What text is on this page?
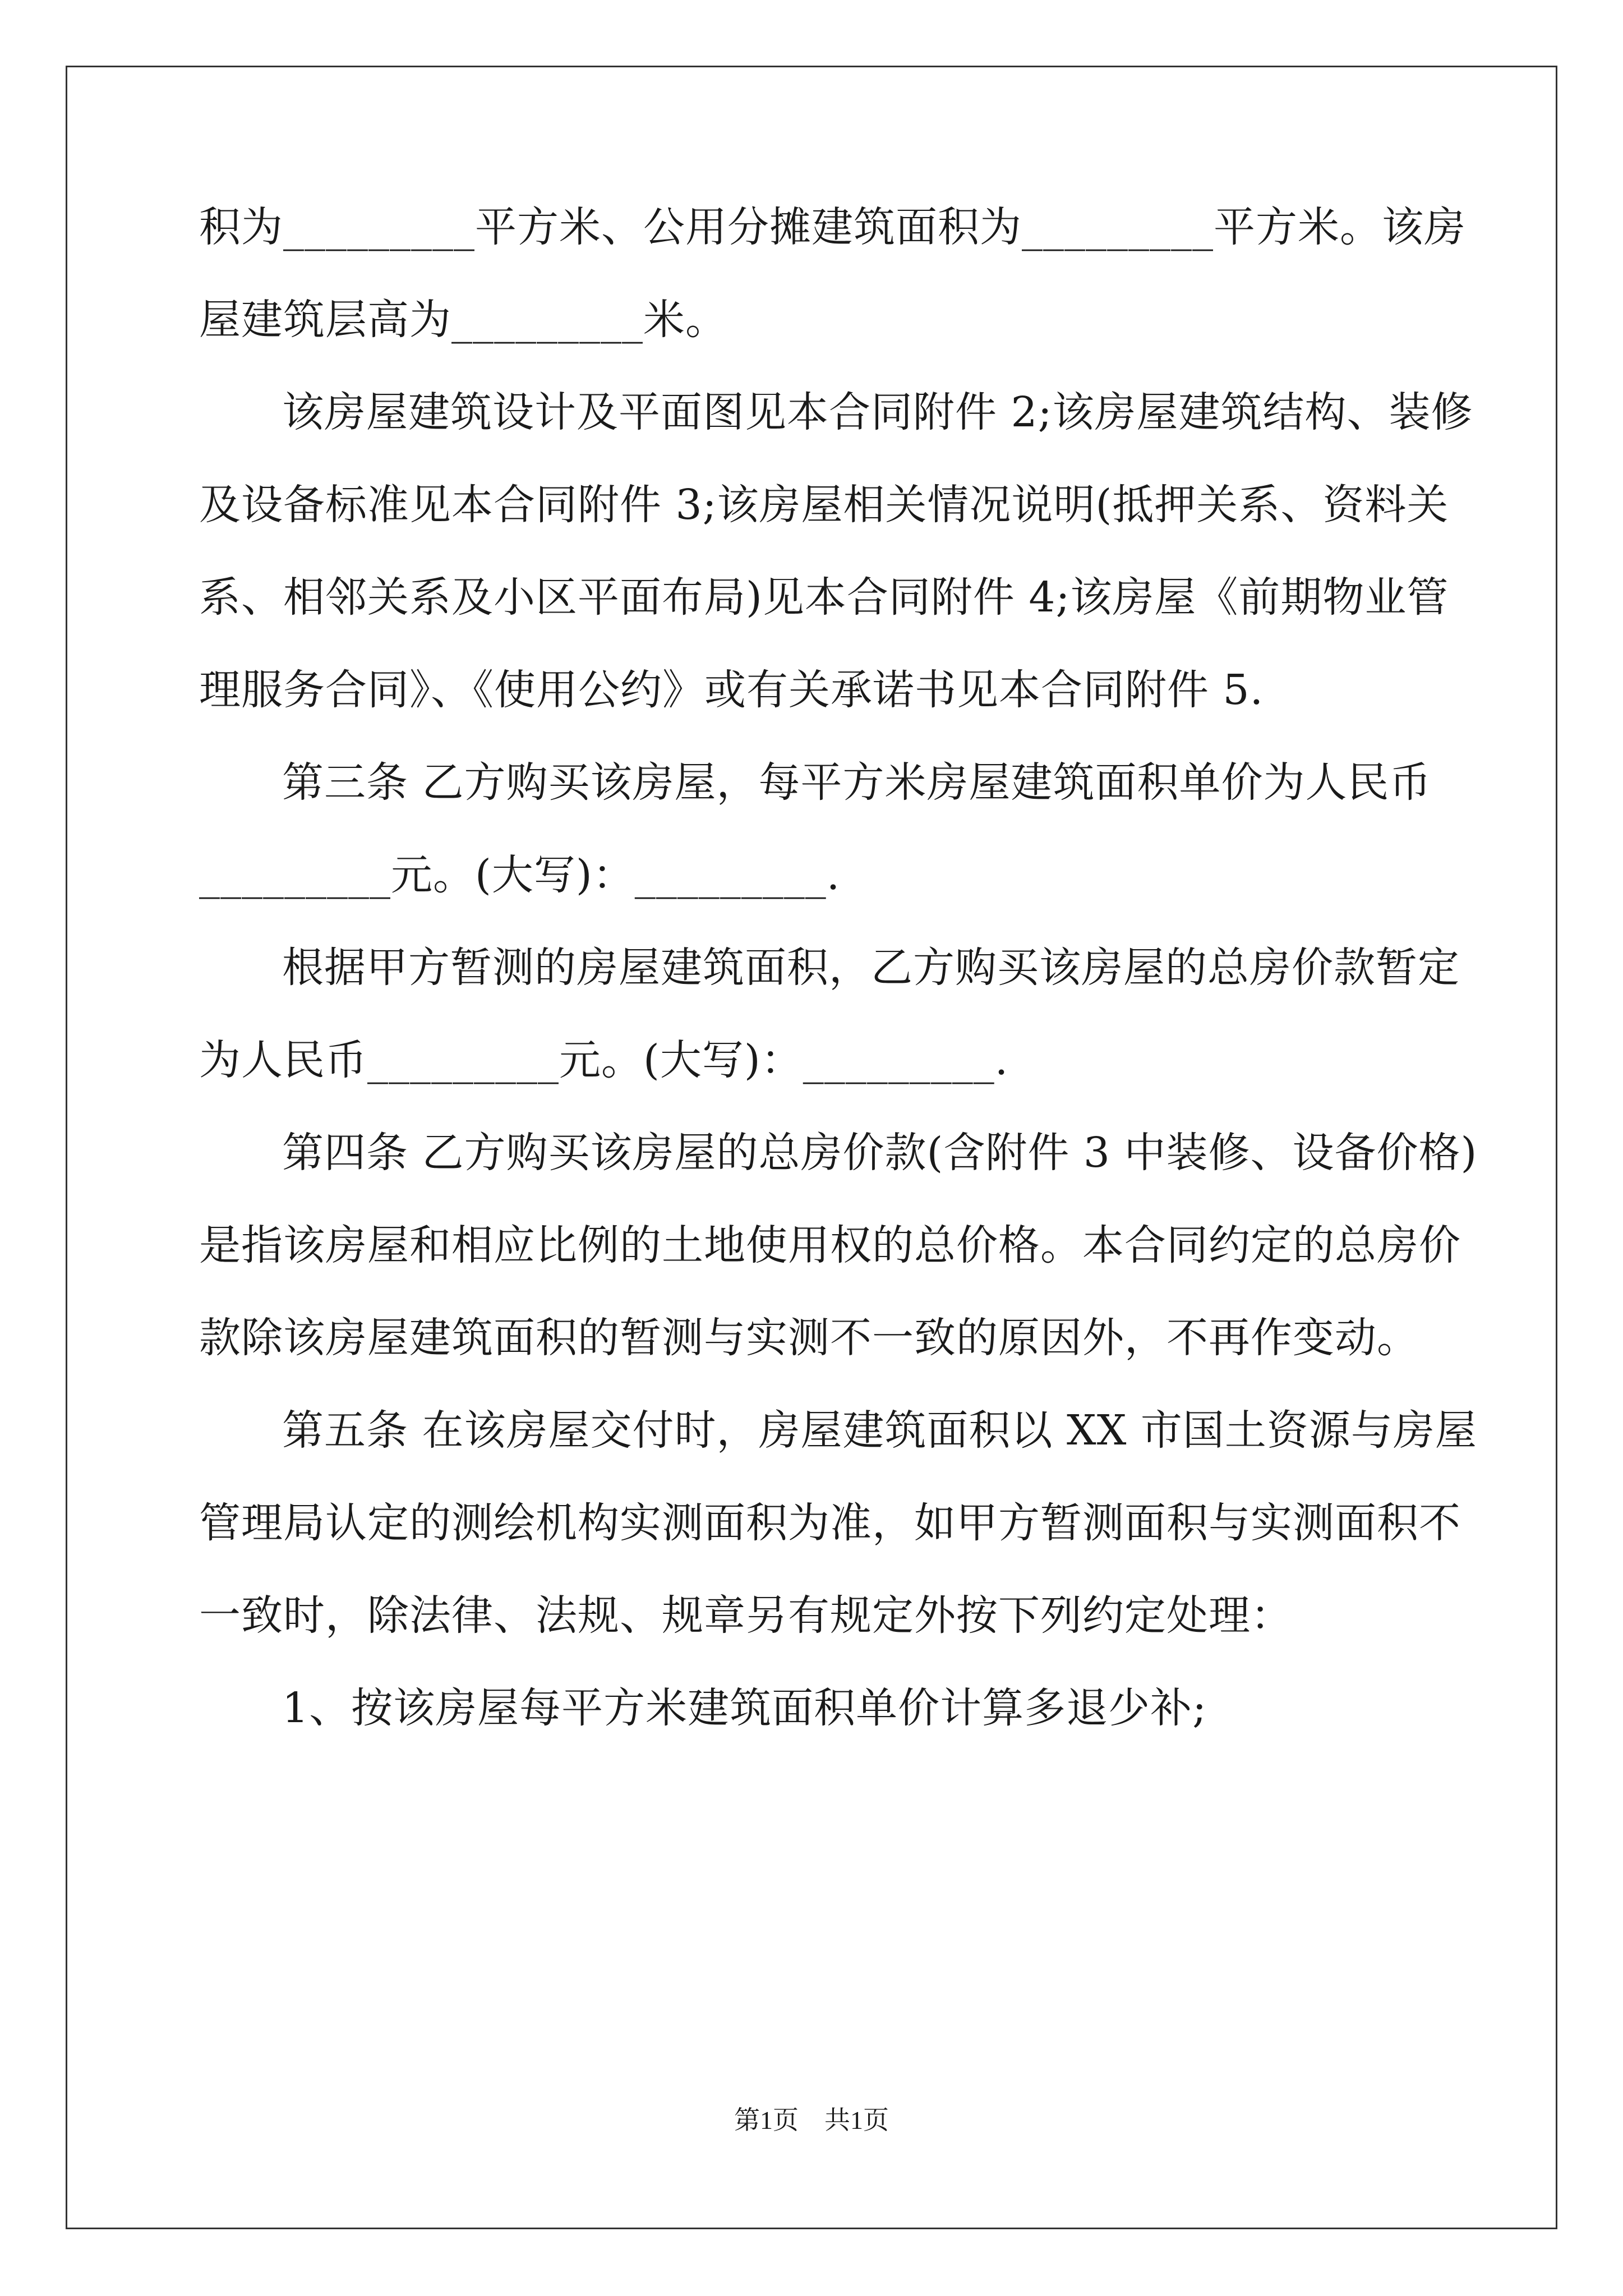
积为_________平方米、公用分摊建筑面积为_________平方米。该房
屋建筑层高为_________米。
该房屋建筑设计及平面图见本合同附件 2;该房屋建筑结构、装修
及设备标准见本合同附件 3;该房屋相关情况说明(抵押关系、资料关
系、相邻关系及小区平面布局)见本合同附件 4;该房屋《前期物业管
理服务合同》、《使用公约》或有关承诺书见本合同附件 5.
第三条 乙方购买该房屋，每平方米房屋建筑面积单价为人民币
_________元。(大写)：_________.
根据甲方暂测的房屋建筑面积，乙方购买该房屋的总房价款暂定
为人民币_________元。(大写)：_________.
第四条 乙方购买该房屋的总房价款(含附件 3 中装修、设备价格)
是指该房屋和相应比例的土地使用权的总价格。本合同约定的总房价
款除该房屋建筑面积的暂测与实测不一致的原因外，不再作变动。
第五条 在该房屋交付时，房屋建筑面积以 XX 市国土资源与房屋
管理局认定的测绘机构实测面积为准，如甲方暂测面积与实测面积不
一致时，除法律、法规、规章另有规定外按下列约定处理：
1、按该房屋每平方米建筑面积单价计算多退少补;
第1页　共1页
